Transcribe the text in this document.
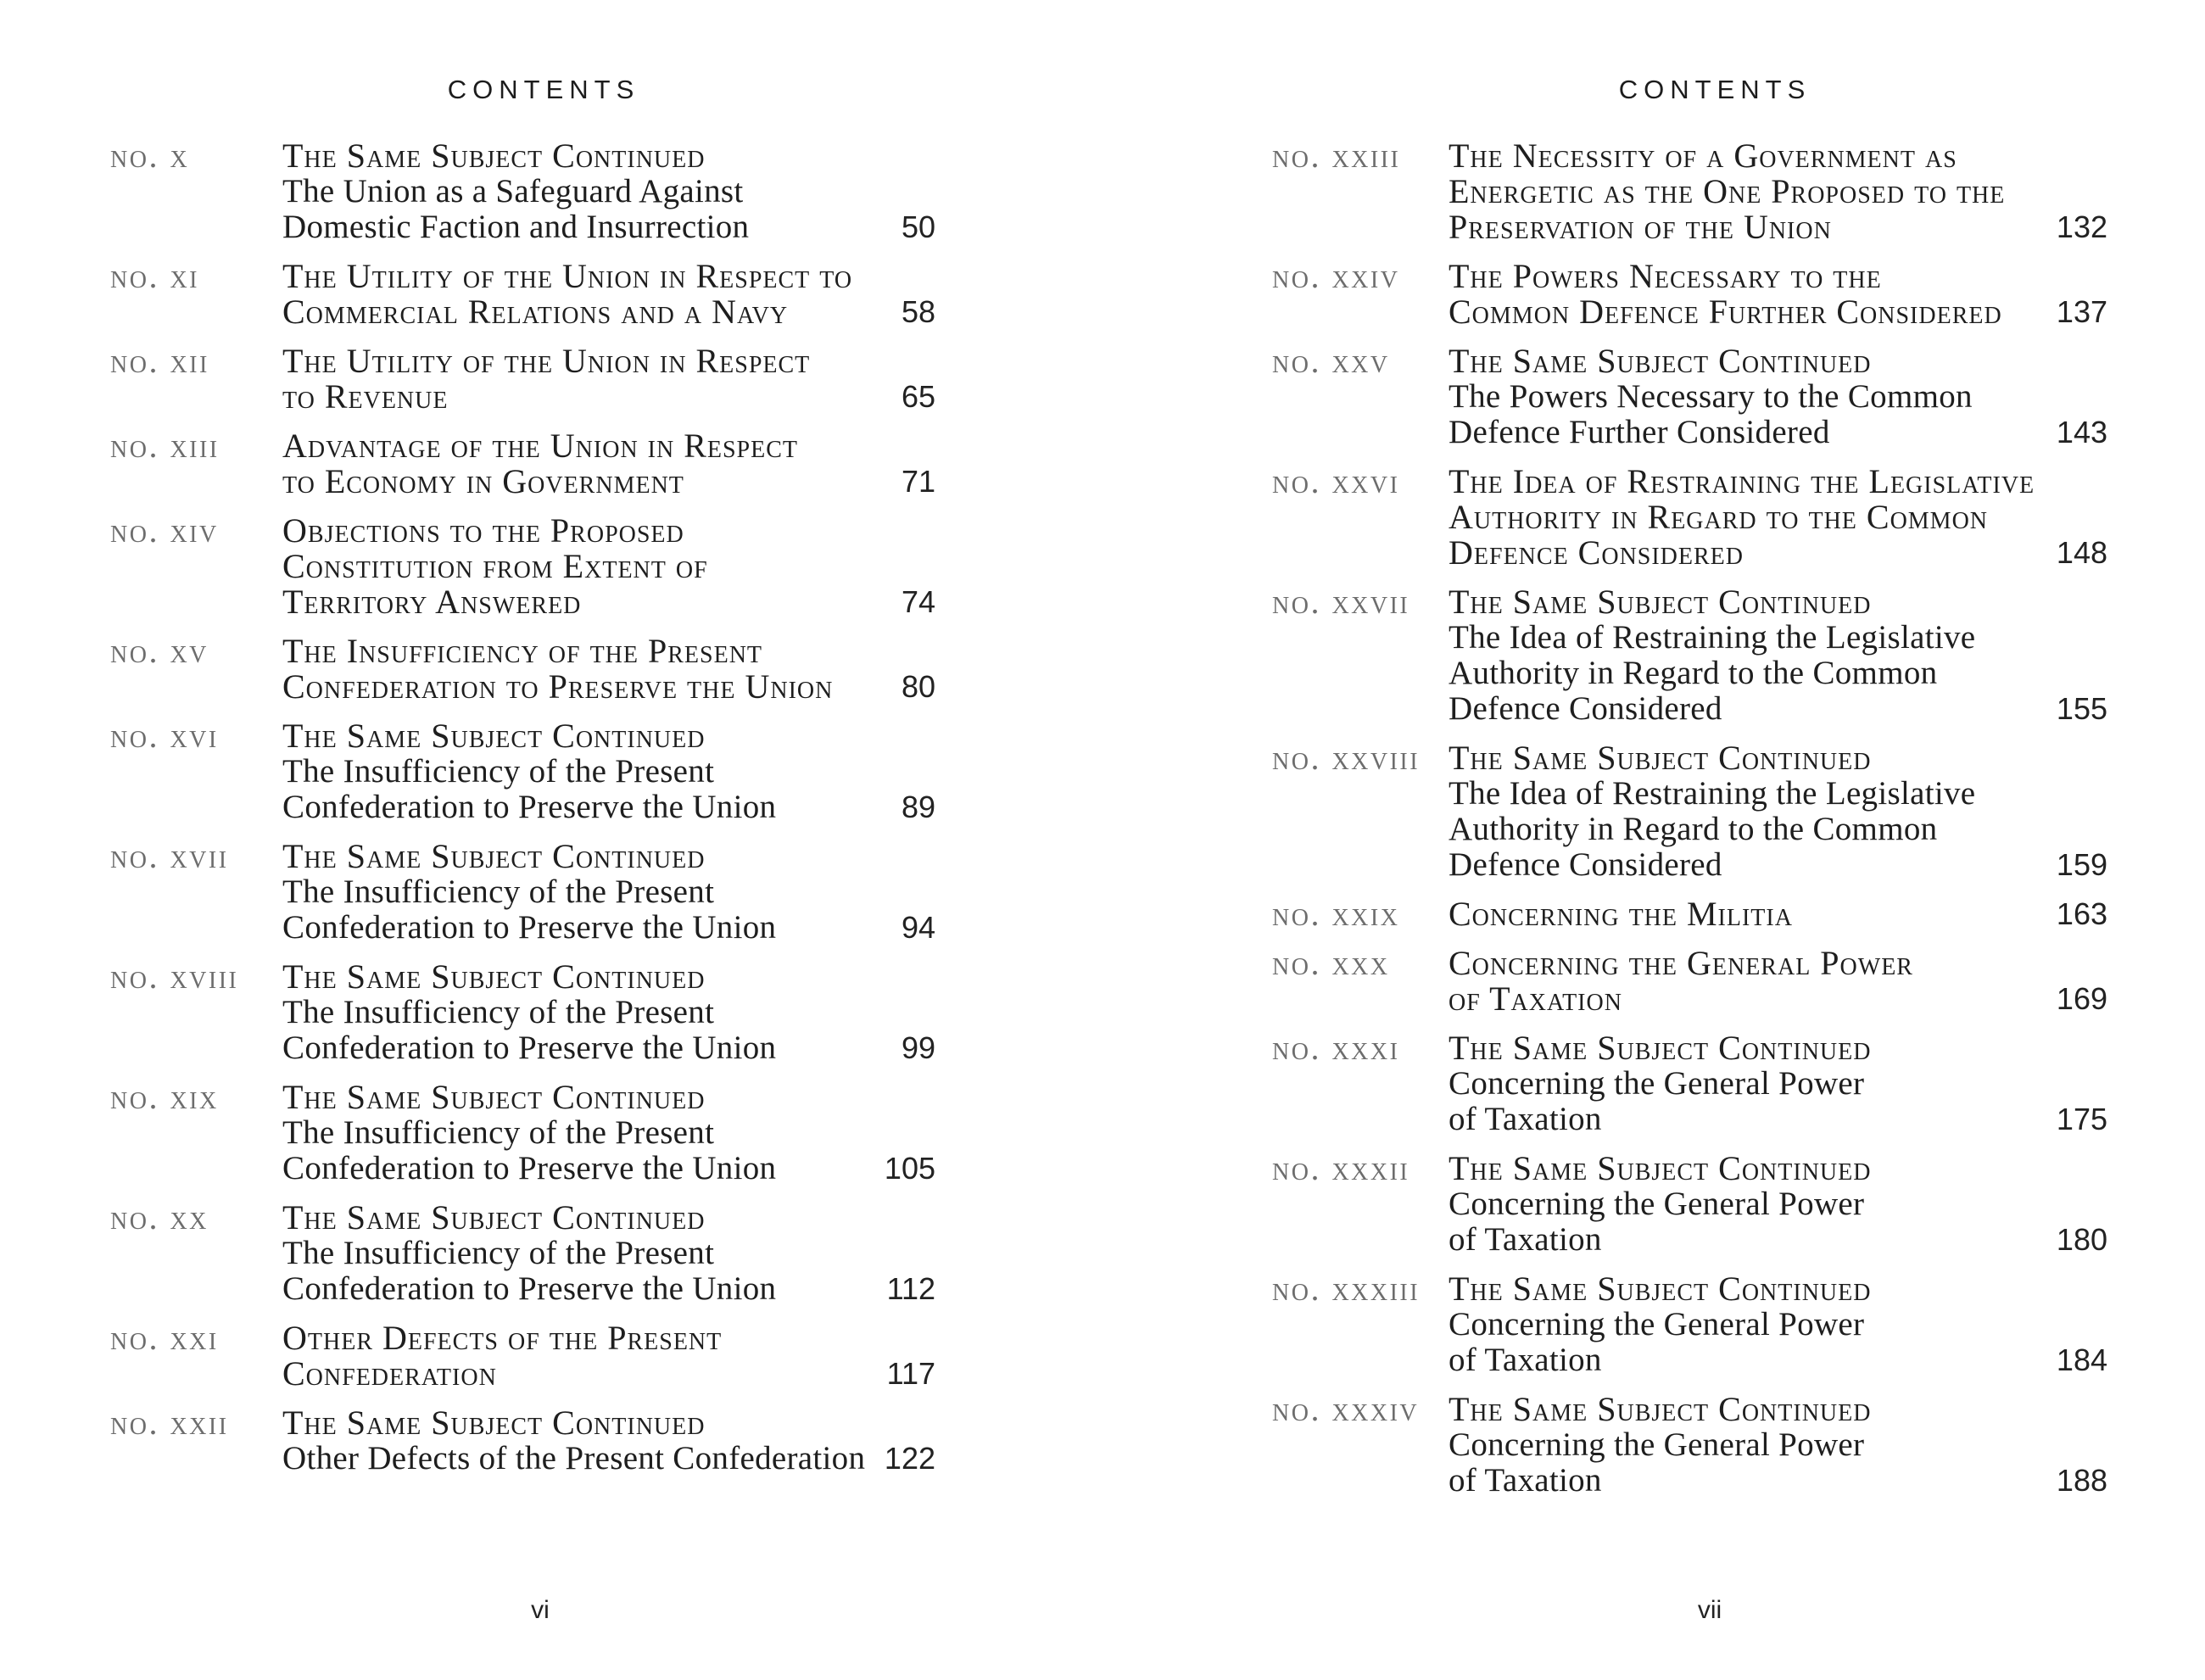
CONTENTS
no. x	The Same Subject Continued
The Union as a Safeguard Against
Domestic Faction and Insurrection	50
no. xi	The Utility of the Union in Respect to
Commercial Relations and a Navy	58
no. xii	The Utility of the Union in Respect
to Revenue	65
no. xiii	Advantage of the Union in Respect
to Economy in Government	71
no. xiv	Objections to the Proposed
Constitution from Extent of
Territory Answered	74
no. xv	The Insufficiency of the Present
Confederation to Preserve the Union	80
no. xvi	The Same Subject Continued
The Insufficiency of the Present
Confederation to Preserve the Union	89
no. xvii	The Same Subject Continued
The Insufficiency of the Present
Confederation to Preserve the Union	94
no. xviii	The Same Subject Continued
The Insufficiency of the Present
Confederation to Preserve the Union	99
no. xix	The Same Subject Continued
The Insufficiency of the Present
Confederation to Preserve the Union	105
no. xx	The Same Subject Continued
The Insufficiency of the Present
Confederation to Preserve the Union	112
no. xxi	Other Defects of the Present
Confederation	117
no. xxii	The Same Subject Continued
Other Defects of the Present Confederation 122
vi
CONTENTS
no. xxiii	The Necessity of a Government as
Energetic as the One Proposed to the
Preservation of the Union	132
no. xxiv	The Powers Necessary to the
Common Defence Further Considered	137
no. xxv	The Same Subject Continued
The Powers Necessary to the Common
Defence Further Considered	143
no. xxvi	The Idea of Restraining the Legislative
Authority in Regard to the Common
Defence Considered	148
no. xxvii	The Same Subject Continued
The Idea of Restraining the Legislative
Authority in Regard to the Common
Defence Considered	155
no. xxviii The Same Subject Continued
The Idea of Restraining the Legislative
Authority in Regard to the Common
Defence Considered	159
no. xxix	Concerning the Militia	163
no. xxx	Concerning the General Power
of Taxation	169
no. xxxi	The Same Subject Continued
Concerning the General Power
of Taxation	175
no. xxxii	The Same Subject Continued
Concerning the General Power
of Taxation	180
no. xxxiii The Same Subject Continued
Concerning the General Power
of Taxation	184
no. xxxiv The Same Subject Continued
Concerning the General Power
of Taxation	188
vii
